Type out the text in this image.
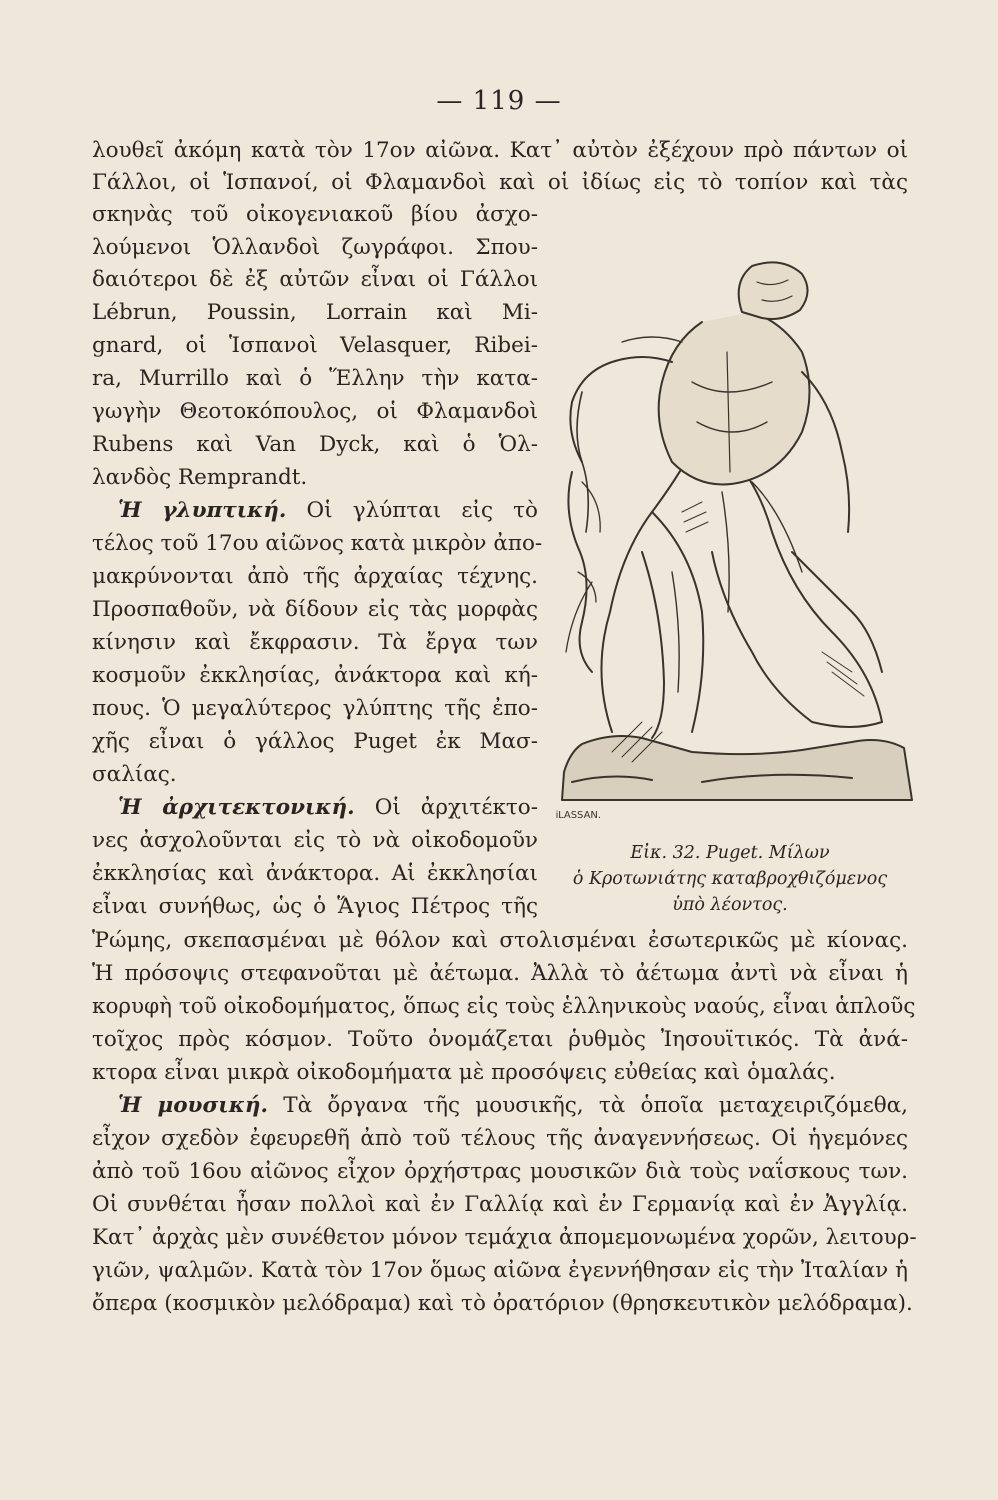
— 119 —
λουθεῖ ἀκόμη κατὰ τὸν 17ον αἰῶνα. Κατ᾽ αὐτὸν ἐξέχουν πρὸ πάντων οἱ
Γάλλοι, οἱ Ἱσπανοί, οἱ Φλαμανδοὶ καὶ οἱ ἰδίως εἰς τὸ τοπίον καὶ τὰς
σκηνὰς τοῦ οἰκογενιακοῦ βίου ἀσχο-
λούμενοι Ὁλλανδοὶ ζωγράφοι. Σπου-
δαιότεροι δὲ ἐξ αὐτῶν εἶναι οἱ Γάλλοι
Lébrun, Poussin, Lorrain καὶ Mi-
gnard, οἱ Ἱσπανοὶ Velasquer, Ribei-
ra, Murrillo καὶ ὁ Ἕλλην τὴν κατα-
γωγὴν Θεοτοκόπουλος, οἱ Φλαμανδοὶ
Rubens καὶ Van Dyck, καὶ ὁ Ὁλ-
λανδὸς Remprandt.
Ἡ γλυπτική. Οἱ γλύπται εἰς τὸ
τέλος τοῦ 17ου αἰῶνος κατὰ μικρὸν ἀπο-
μακρύνονται ἀπὸ τῆς ἀρχαίας τέχνης.
Προσπαθοῦν, νὰ δίδουν εἰς τὰς μορφὰς
κίνησιν καὶ ἔκφρασιν. Τὰ ἔργα των
κοσμοῦν ἐκκλησίας, ἀνάκτορα καὶ κή-
πους. Ὁ μεγαλύτερος γλύπτης τῆς ἐπο-
χῆς εἶναι ὁ γάλλος Puget ἐκ Μασ-
σαλίας.
Ἡ ἀρχιτεκτονική. Οἱ ἀρχιτέκτο-
νες ἀσχολοῦνται εἰς τὸ νὰ οἰκοδομοῦν
ἐκκλησίας καὶ ἀνάκτορα. Αἱ ἐκκλησίαι
εἶναι συνήθως, ὡς ὁ Ἅγιος Πέτρος τῆς
Ῥώμης, σκεπασμέναι μὲ θόλον καὶ στολισμέναι ἐσωτερικῶς μὲ κίονας.
Ἡ πρόσοψις στεφανοῦται μὲ ἀέτωμα. Ἀλλὰ τὸ ἀέτωμα ἀντὶ νὰ εἶναι ἡ
κορυφὴ τοῦ οἰκοδομήματος, ὅπως εἰς τοὺς ἑλληνικοὺς ναούς, εἶναι ἁπλοῦς
τοῖχος πρὸς κόσμον. Τοῦτο ὀνομάζεται ῥυθμὸς Ἰησουϊτικός. Τὰ ἀνά-
κτορα εἶναι μικρὰ οἰκοδομήματα μὲ προσόψεις εὐθείας καὶ ὁμαλάς.
Ἡ μουσική. Τὰ ὄργανα τῆς μουσικῆς, τὰ ὁποῖα μεταχειριζόμεθα,
εἶχον σχεδὸν ἐφευρεθῆ ἀπὸ τοῦ τέλους τῆς ἀναγεννήσεως. Οἱ ἡγεμόνες
ἀπὸ τοῦ 16ου αἰῶνος εἶχον ὀρχήστρας μουσικῶν διὰ τοὺς ναΐσκους των.
Οἱ συνθέται ἦσαν πολλοὶ καὶ ἐν Γαλλίᾳ καὶ ἐν Γερμανίᾳ καὶ ἐν Ἀγγλίᾳ.
Κατ᾽ ἀρχὰς μὲν συνέθετον μόνον τεμάχια ἀπομεμονωμένα χορῶν, λειτουρ-
γιῶν, ψαλμῶν. Κατὰ τὸν 17ον ὅμως αἰῶνα ἐγεννήθησαν εἰς τὴν Ἰταλίαν ἡ
ὄπερα (κοσμικὸν μελόδραμα) καὶ τὸ ὀρατόριον (θρησκευτικὸν μελόδραμα).
ᎥLASSAN.
Εἰκ. 32. Puget. Μίλων
ὁ Κροτωνιάτης καταβροχθιζόμενος
ὑπὸ λέοντος.
